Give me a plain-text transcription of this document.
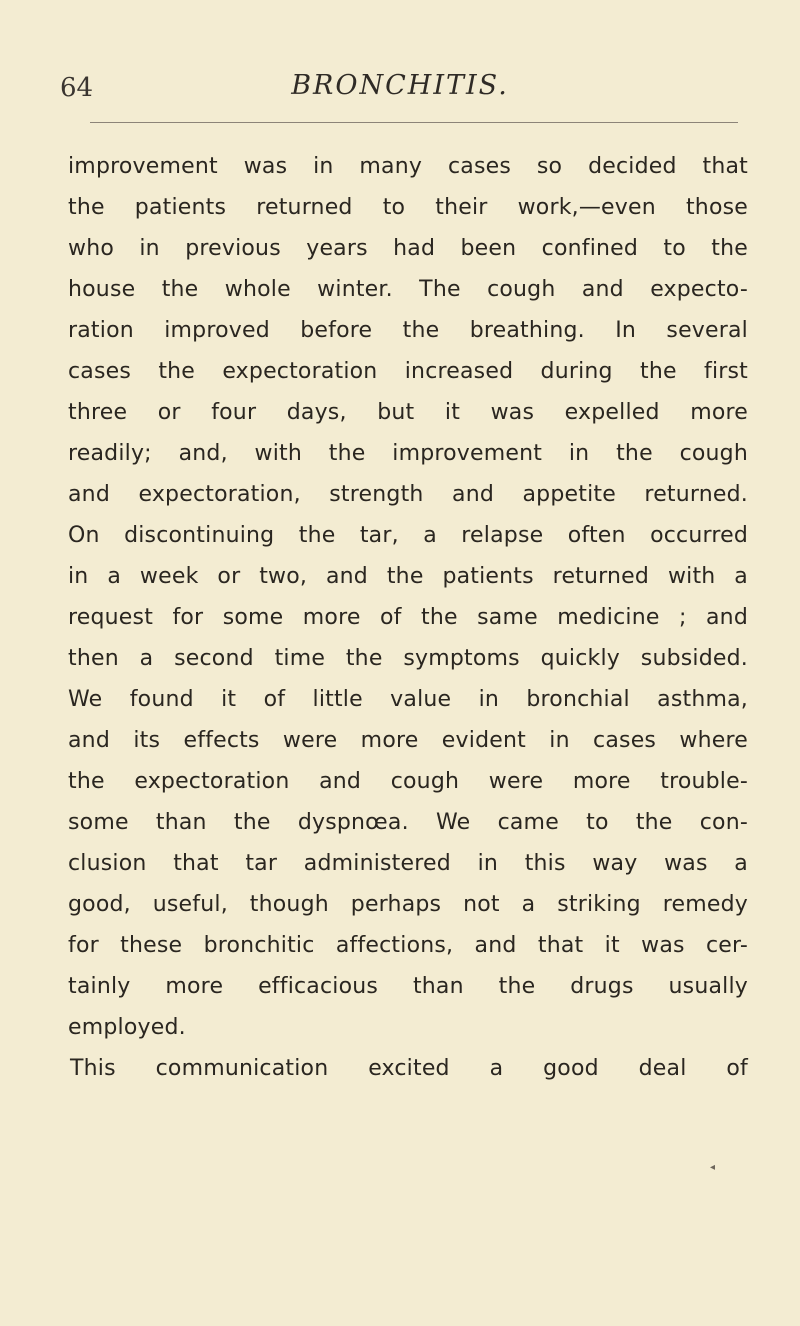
64	BRONCHITIS.
improvement was in many cases so decided that
the patients returned to their work,—even those
who in previous years had been confined to the
house the whole winter. The cough and expecto-
ration improved before the breathing. In several
cases the expectoration increased during the first
three or four days, but it was expelled more
readily; and, with the improvement in the cough
and expectoration, strength and appetite returned.
On discontinuing the tar, a relapse often occurred
in a week or two, and the patients returned with a
request for some more of the same medicine ; and
then a second time the symptoms quickly subsided.
We found it of little value in bronchial asthma,
and its effects were more evident in cases where
the expectoration and cough were more trouble-
some than the dyspnœa. We came to the con-
clusion that tar administered in this way was a
good, useful, though perhaps not a striking remedy
for these bronchitic affections, and that it was cer-
tainly more efficacious than the drugs usually
employed.
This communication excited a good deal of
◂
